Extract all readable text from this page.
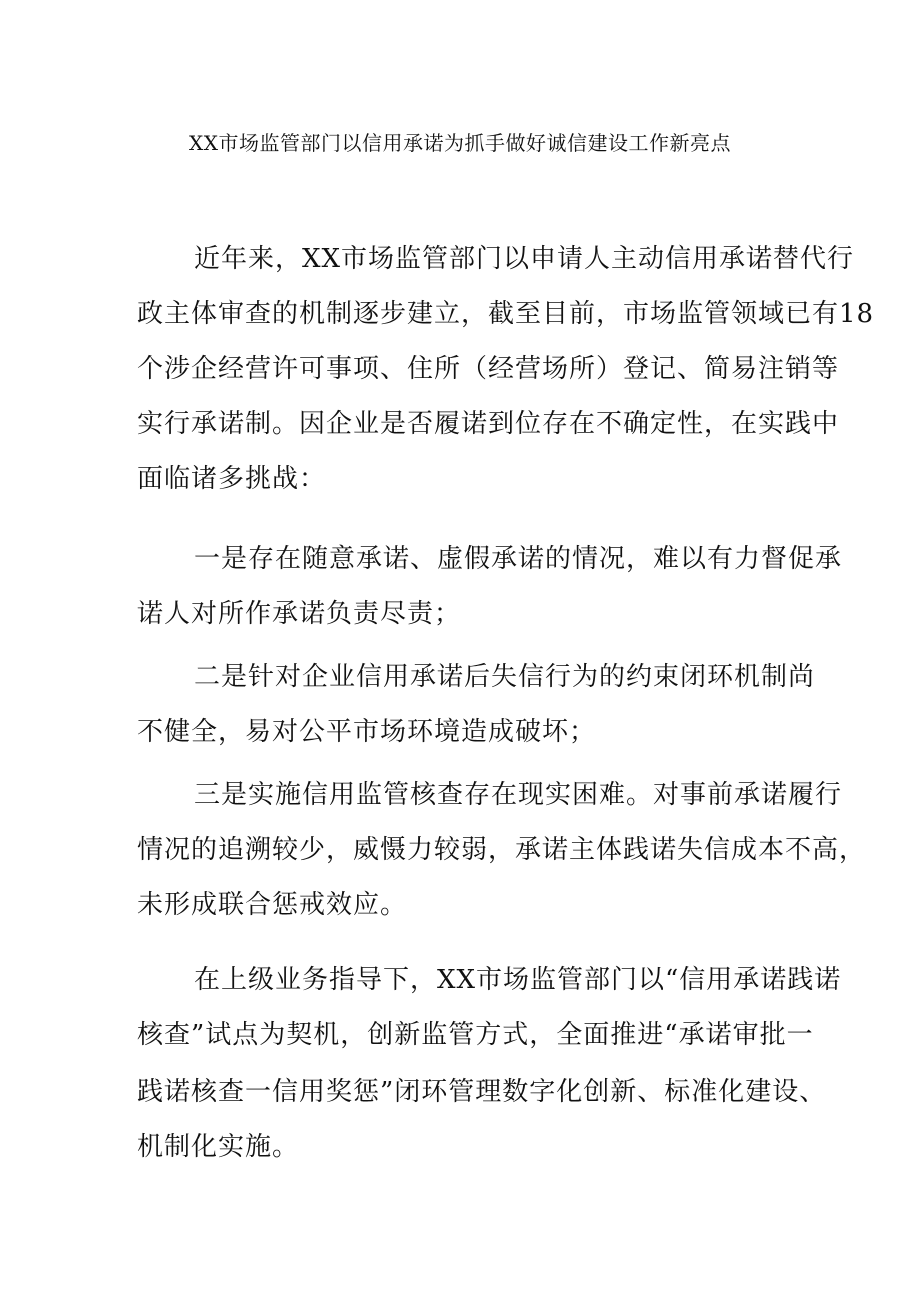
XX市场监管部门以信用承诺为抓手做好诚信建设工作新亮点
近年来，XX市场监管部门以申请人主动信用承诺替代行
政主体审查的机制逐步建立，截至目前，市场监管领域已有18
个涉企经营许可事项、住所（经营场所）登记、简易注销等
实行承诺制。因企业是否履诺到位存在不确定性，在实践中
面临诸多挑战：
一是存在随意承诺、虚假承诺的情况，难以有力督促承
诺人对所作承诺负责尽责；
二是针对企业信用承诺后失信行为的约束闭环机制尚
不健全，易对公平市场环境造成破坏；
三是实施信用监管核查存在现实困难。对事前承诺履行
情况的追溯较少，威慑力较弱，承诺主体践诺失信成本不高，
未形成联合惩戒效应。
在上级业务指导下，XX市场监管部门以“信用承诺践诺
核查”试点为契机，创新监管方式，全面推进“承诺审批一
践诺核查一信用奖惩”闭环管理数字化创新、标准化建设、
机制化实施。
